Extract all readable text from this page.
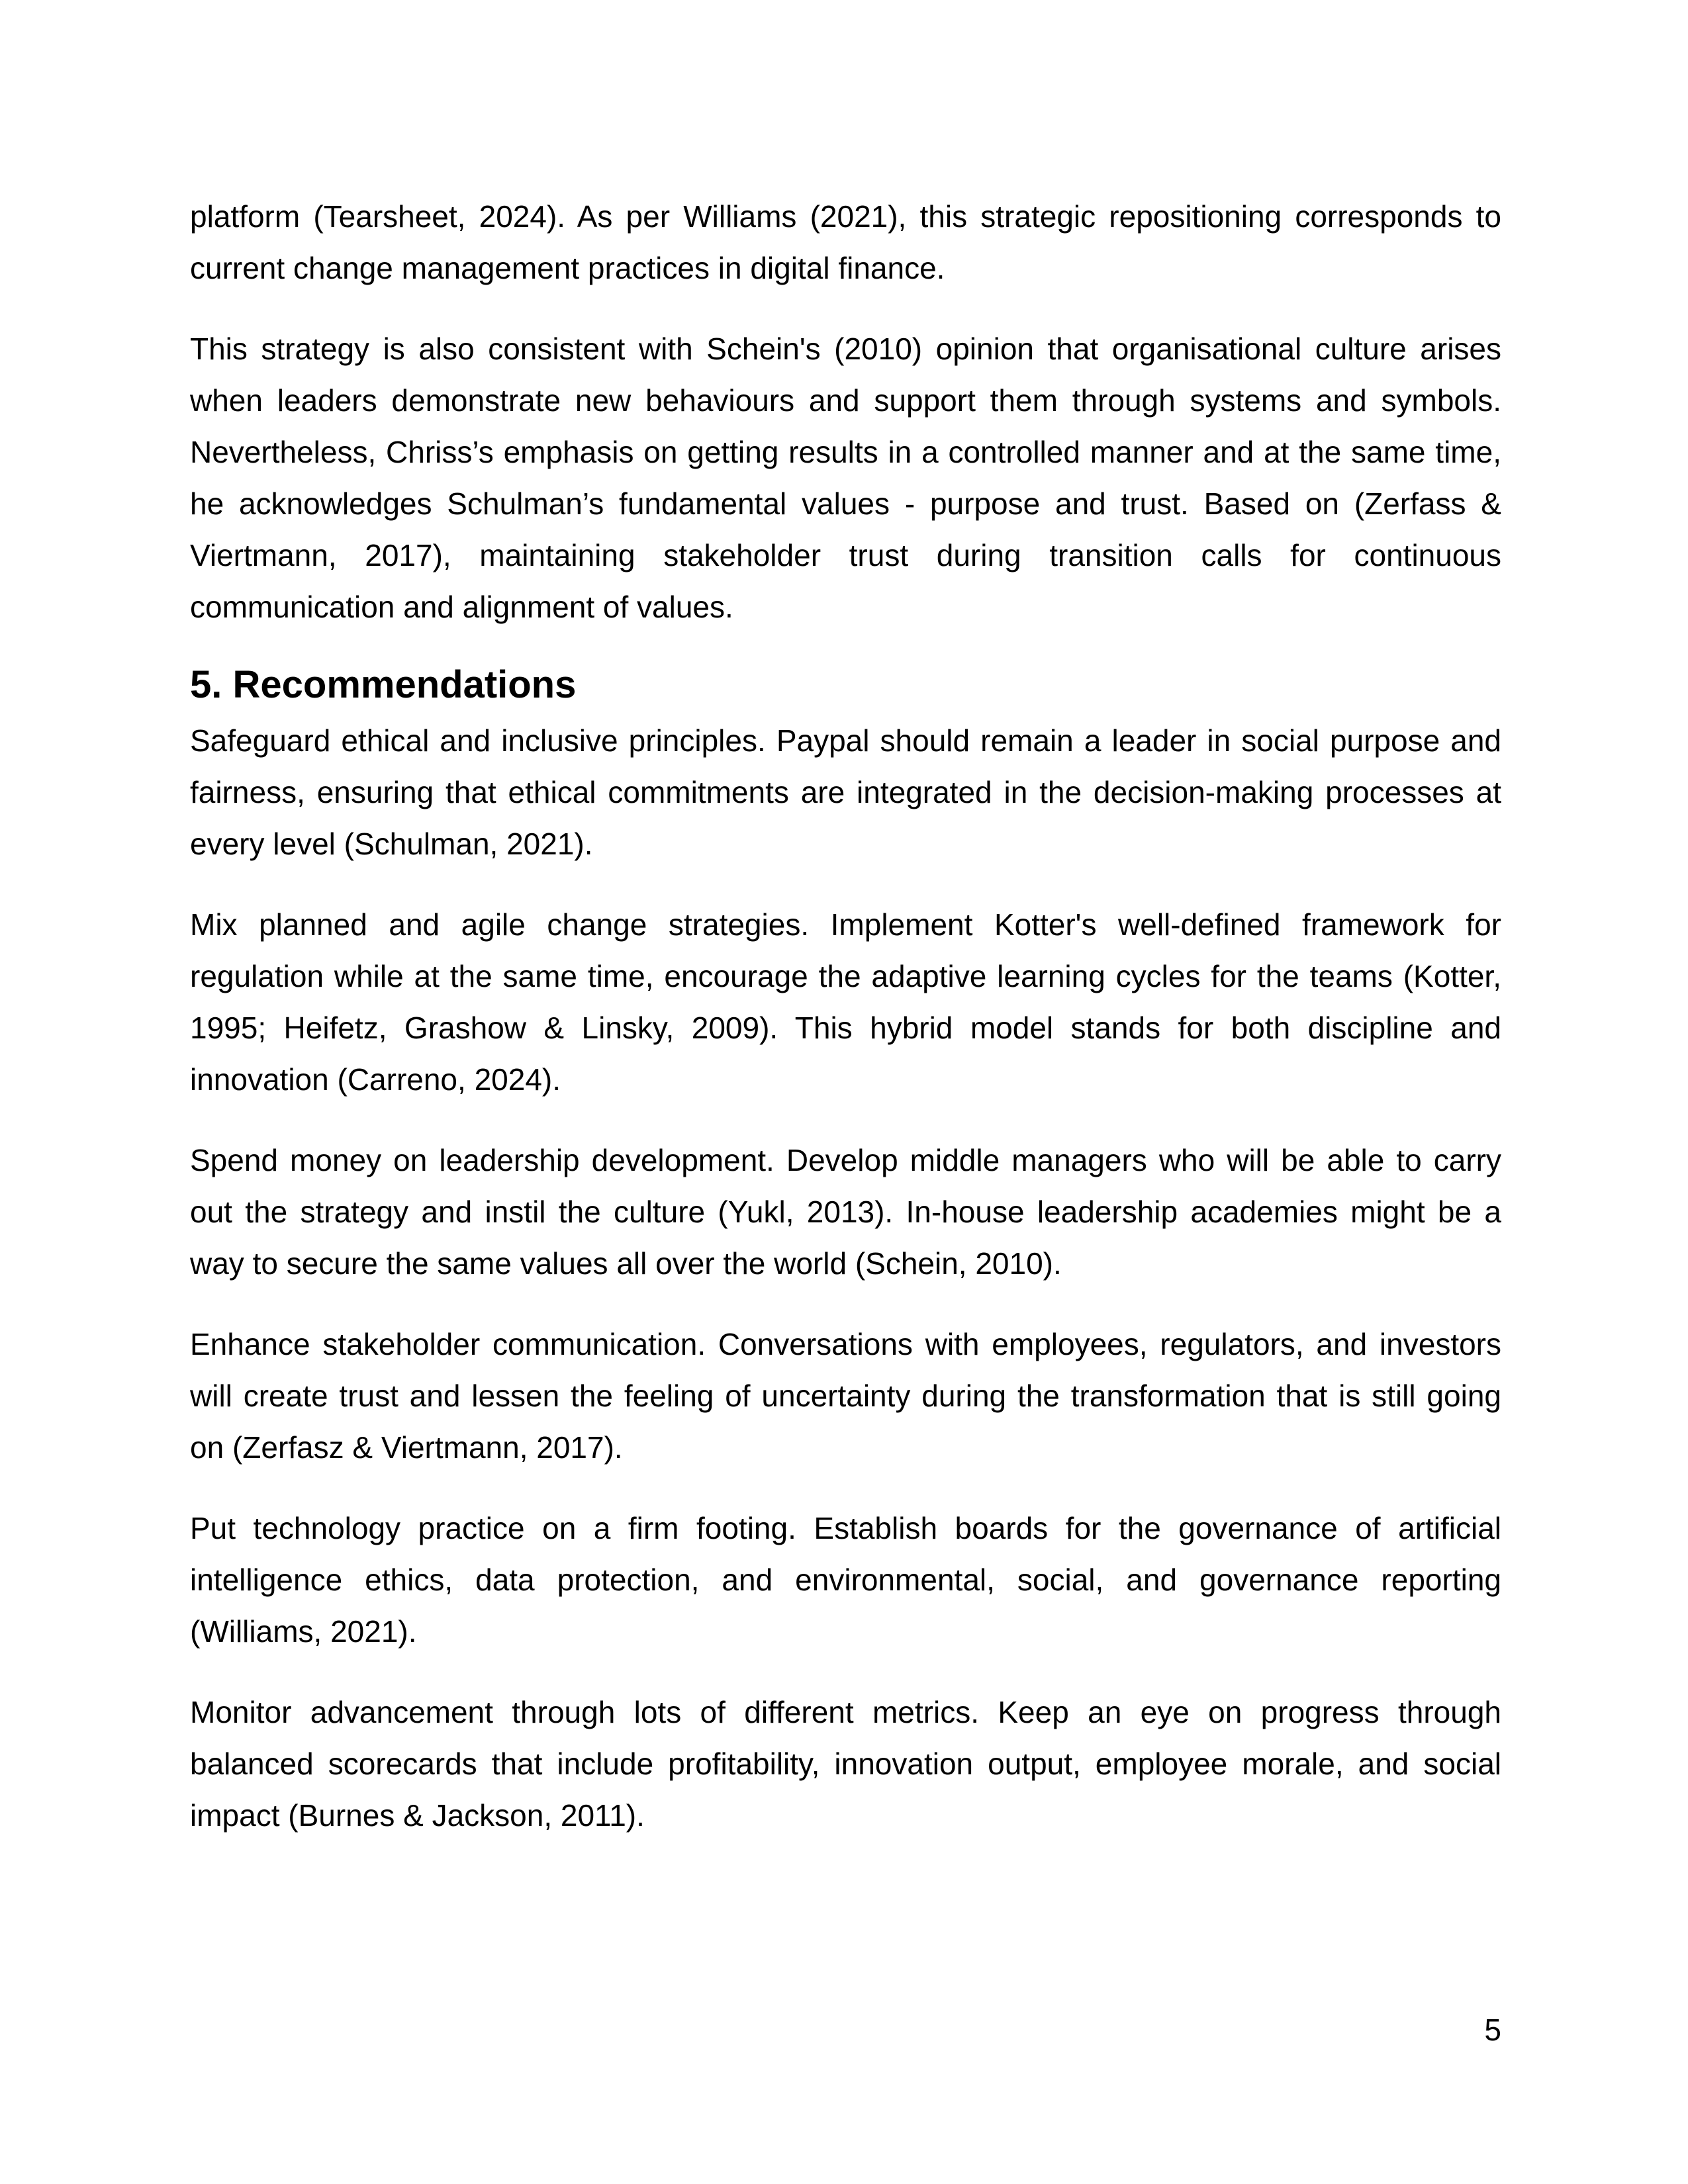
platform (Tearsheet, 2024). As per Williams (2021), this strategic repositioning corresponds to current change management practices in digital finance.

This strategy is also consistent with Schein's (2010) opinion that organisational culture arises when leaders demonstrate new behaviours and support them through systems and symbols. Nevertheless, Chriss’s emphasis on getting results in a controlled manner and at the same time, he acknowledges Schulman’s fundamental values - purpose and trust. Based on (Zerfass & Viertmann, 2017), maintaining stakeholder trust during transition calls for continuous communication and alignment of values.

5. Recommendations

Safeguard ethical and inclusive principles. Paypal should remain a leader in social purpose and fairness, ensuring that ethical commitments are integrated in the decision-making processes at every level (Schulman, 2021).

Mix planned and agile change strategies. Implement Kotter's well-defined framework for regulation while at the same time, encourage the adaptive learning cycles for the teams (Kotter, 1995; Heifetz, Grashow & Linsky, 2009). This hybrid model stands for both discipline and innovation (Carreno, 2024).

Spend money on leadership development. Develop middle managers who will be able to carry out the strategy and instil the culture (Yukl, 2013). In-house leadership academies might be a way to secure the same values all over the world (Schein, 2010).

Enhance stakeholder communication. Conversations with employees, regulators, and investors will create trust and lessen the feeling of uncertainty during the transformation that is still going on (Zerfasz & Viertmann, 2017).

Put technology practice on a firm footing. Establish boards for the governance of artificial intelligence ethics, data protection, and environmental, social, and governance reporting (Williams, 2021).

Monitor advancement through lots of different metrics. Keep an eye on progress through balanced scorecards that include profitability, innovation output, employee morale, and social impact (Burnes & Jackson, 2011).

5
